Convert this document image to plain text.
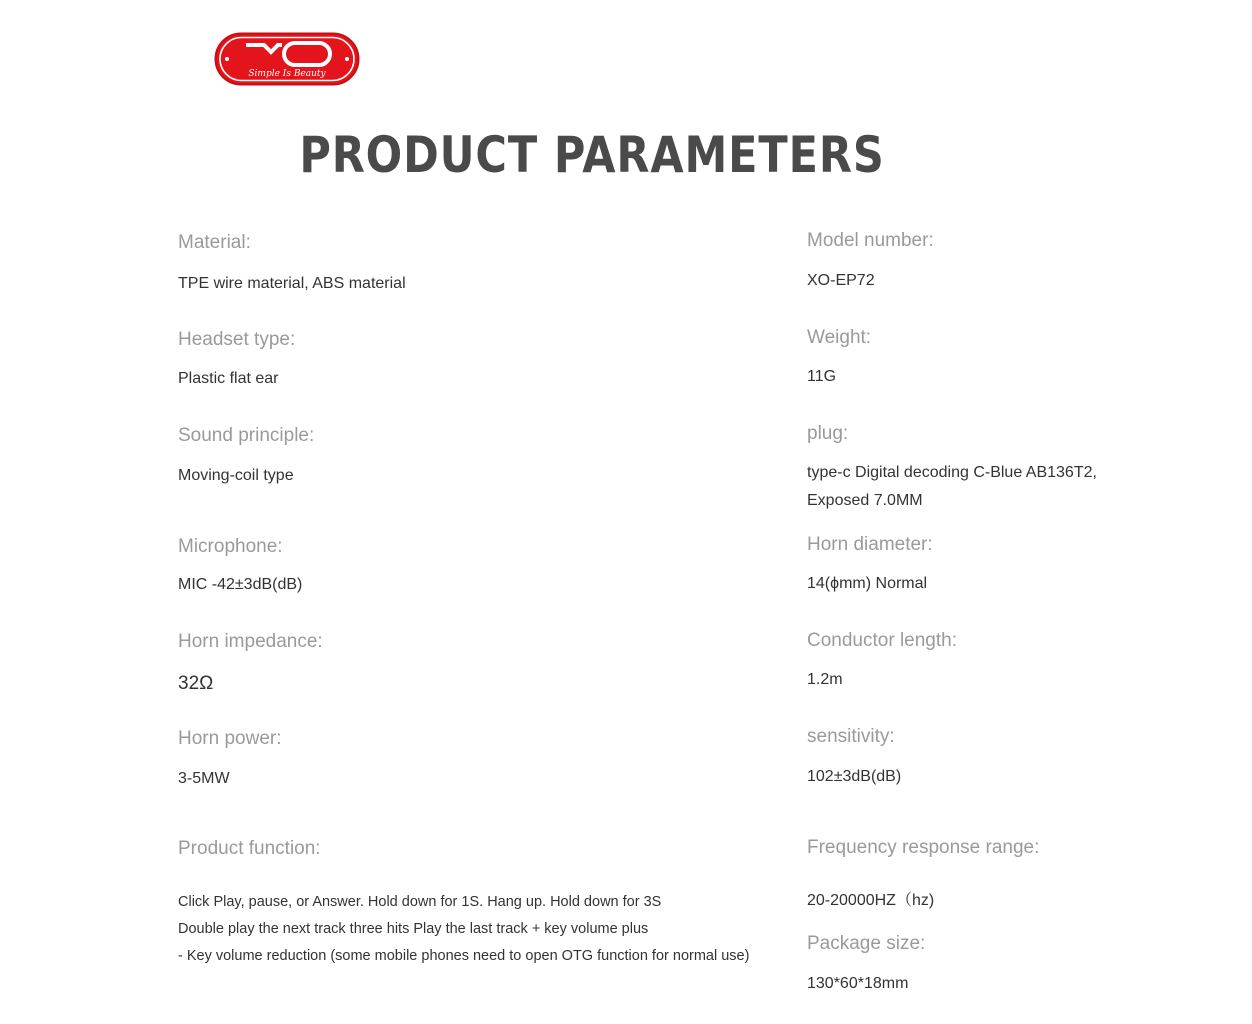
Simple Is Beauty
PRODUCT PARAMETERS
Material:
TPE wire material, ABS material
Headset type:
Plastic flat ear
Sound principle:
Moving-coil type
Microphone:
MIC -42±3dB(dB)
Horn impedance:
32Ω
Horn power:
3-5MW
Product function:
Click Play, pause, or Answer. Hold down for 1S. Hang up. Hold down for 3S
Double play the next track three hits Play the last track + key volume plus
- Key volume reduction (some mobile phones need to open OTG function for normal use)
Model number:
XO-EP72
Weight:
11G
plug:
type-c Digital decoding C-Blue AB136T2,
Exposed 7.0MM
Horn diameter:
14(ϕmm) Normal
Conductor length:
1.2m
sensitivity:
102±3dB(dB)
Frequency response range:
20-20000HZ（hz)
Package size:
130*60*18mm
